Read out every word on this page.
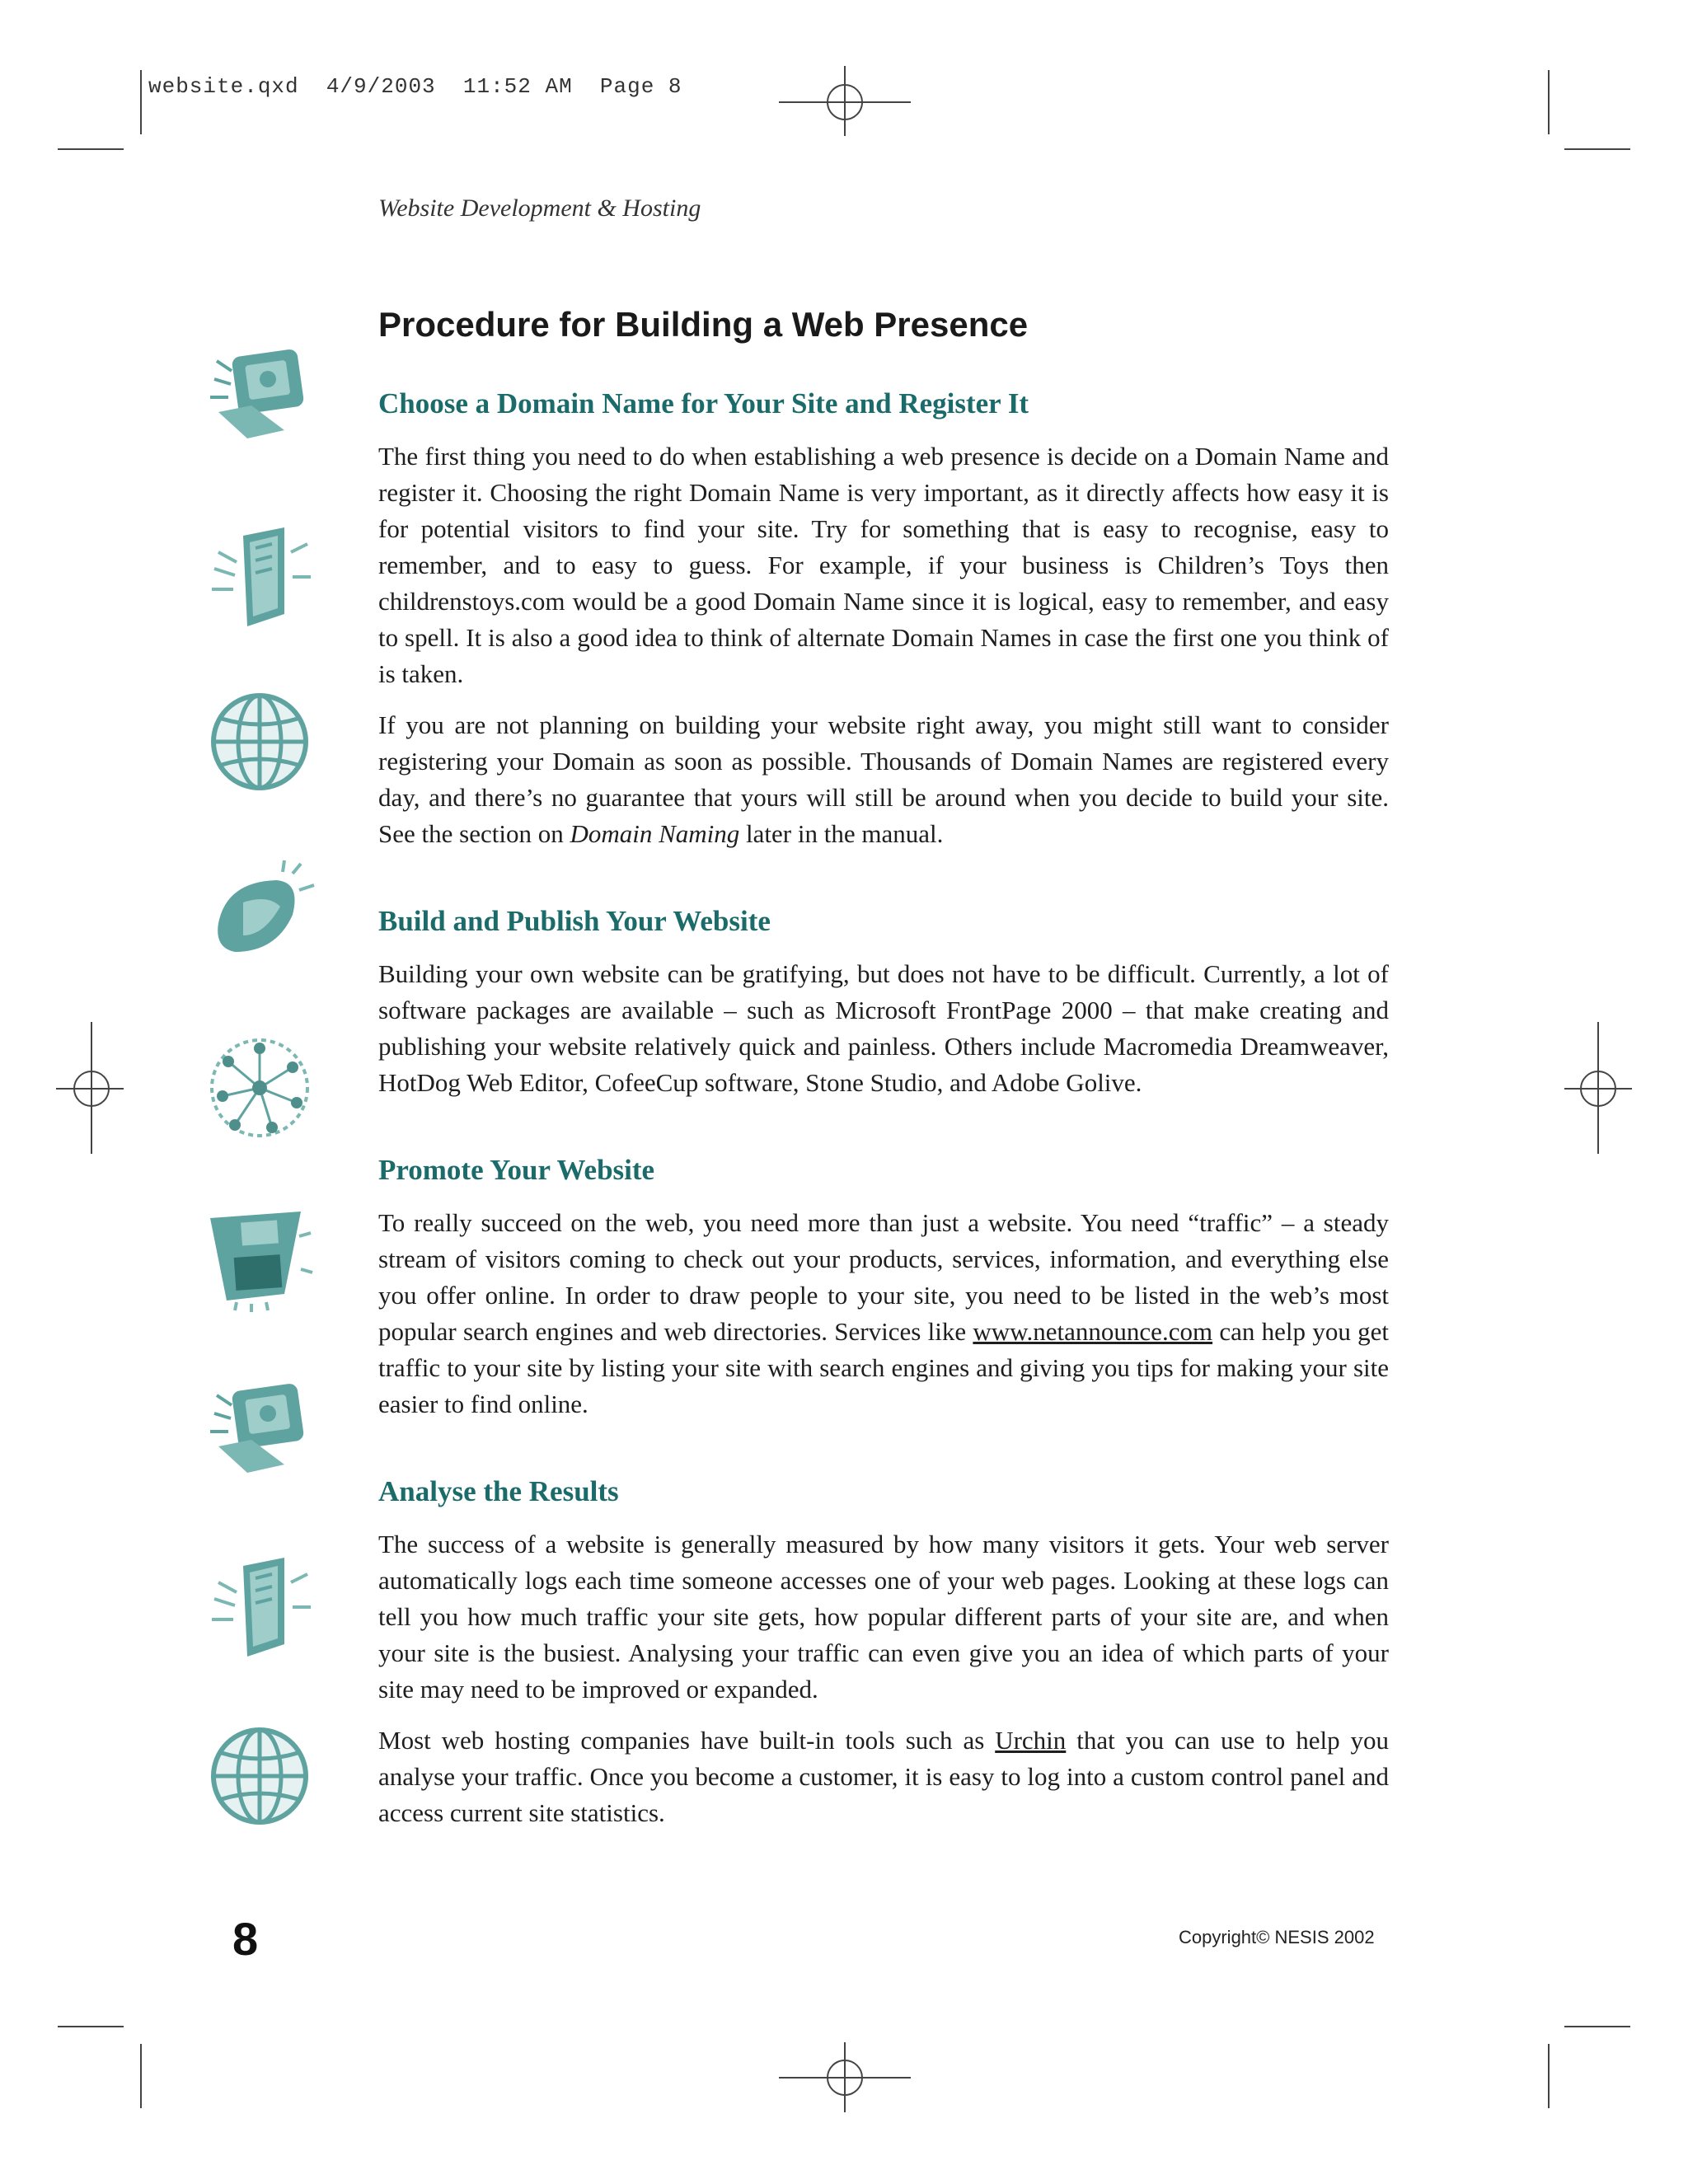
website.qxd  4/9/2003  11:52 AM  Page 8
Website Development & Hosting
Procedure for Building a Web Presence
Choose a Domain Name for Your Site and Register It

The first thing you need to do when establishing a web presence is decide on a Domain Name and register it. Choosing the right Domain Name is very important, as it directly affects how easy it is for potential visitors to find your site. Try for something that is easy to recognise, easy to remember, and to easy to guess. For example, if your business is Children’s Toys then childrenstoys.com would be a good Domain Name since it is logical, easy to remember, and easy to spell. It is also a good idea to think of alternate Domain Names in case the first one you think of is taken.

If you are not planning on building your website right away, you might still want to consider registering your Domain as soon as possible. Thousands of Domain Names are registered every day, and there’s no guarantee that yours will still be around when you decide to build your site. See the section on Domain Naming later in the manual.

Build and Publish Your Website

Building your own website can be gratifying, but does not have to be difficult. Currently, a lot of software packages are available – such as Microsoft FrontPage 2000 – that make creating and publishing your website relatively quick and painless. Others include Macromedia Dreamweaver, HotDog Web Editor, CofeeCup software, Stone Studio, and Adobe Golive.

Promote Your Website

To really succeed on the web, you need more than just a website. You need “traffic” – a steady stream of visitors coming to check out your products, services, information, and everything else you offer online. In order to draw people to your site, you need to be listed in the web’s most popular search engines and web directories. Services like www.netannounce.com can help you get traffic to your site by listing your site with search engines and giving you tips for making your site easier to find online.

Analyse the Results

The success of a website is generally measured by how many visitors it gets. Your web server automatically logs each time someone accesses one of your web pages. Looking at these logs can tell you how much traffic your site gets, how popular different parts of your site are, and when your site is the busiest. Analysing your traffic can even give you an idea of which parts of your site may need to be improved or expanded.

Most web hosting companies have built-in tools such as Urchin that you can use to help you analyse your traffic. Once you become a customer, it is easy to log into a custom control panel and access current site statistics.

8	Copyright© NESIS 2002
